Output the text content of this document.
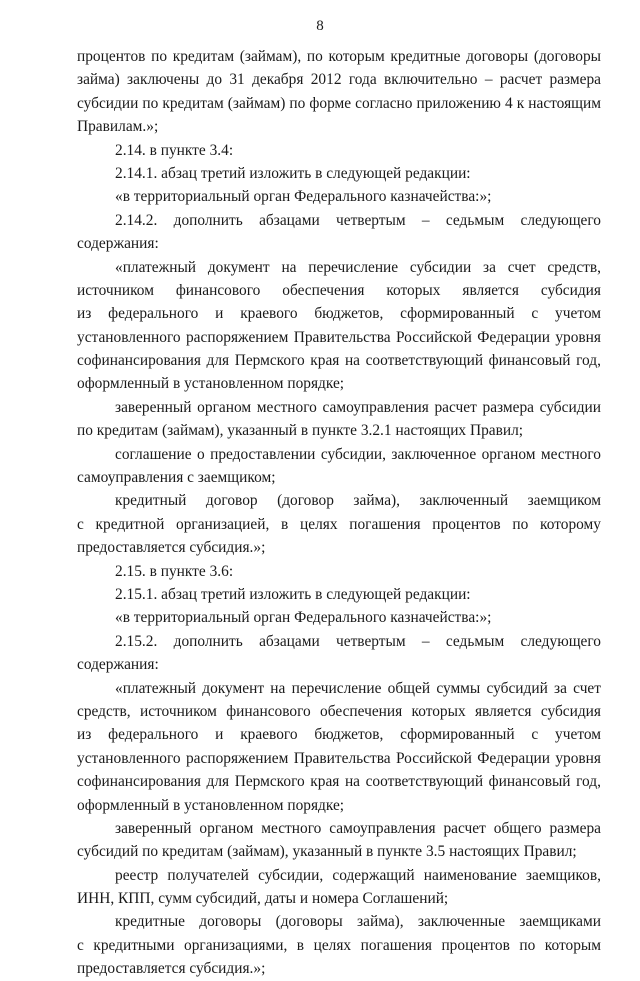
8
процентов по кредитам (займам), по которым кредитные договоры (договоры
займа) заключены до 31 декабря 2012 года включительно – расчет размера
субсидии по кредитам (займам) по форме согласно приложению 4 к настоящим
Правилам.»;
2.14. в пункте 3.4:
2.14.1. абзац третий изложить в следующей редакции:
«в территориальный орган Федерального казначейства:»;
2.14.2. дополнить абзацами четвертым – седьмым следующего
содержания:
«платежный документ на перечисление субсидии за счет средств,
источником финансового обеспечения которых является субсидия
из федерального и краевого бюджетов, сформированный с учетом
установленного распоряжением Правительства Российской Федерации уровня
софинансирования для Пермского края на соответствующий финансовый год,
оформленный в установленном порядке;
заверенный органом местного самоуправления расчет размера субсидии
по кредитам (займам), указанный в пункте 3.2.1 настоящих Правил;
соглашение о предоставлении субсидии, заключенное органом местного
самоуправления с заемщиком;
кредитный договор (договор займа), заключенный заемщиком
с кредитной организацией, в целях погашения процентов по которому
предоставляется субсидия.»;
2.15. в пункте 3.6:
2.15.1. абзац третий изложить в следующей редакции:
«в территориальный орган Федерального казначейства:»;
2.15.2. дополнить абзацами четвертым – седьмым следующего
содержания:
«платежный документ на перечисление общей суммы субсидий за счет
средств, источником финансового обеспечения которых является субсидия
из федерального и краевого бюджетов, сформированный с учетом
установленного распоряжением Правительства Российской Федерации уровня
софинансирования для Пермского края на соответствующий финансовый год,
оформленный в установленном порядке;
заверенный органом местного самоуправления расчет общего размера
субсидий по кредитам (займам), указанный в пункте 3.5 настоящих Правил;
реестр получателей субсидии, содержащий наименование заемщиков,
ИНН, КПП, сумм субсидий, даты и номера Соглашений;
кредитные договоры (договоры займа), заключенные заемщиками
с кредитными организациями, в целях погашения процентов по которым
предоставляется субсидия.»;
